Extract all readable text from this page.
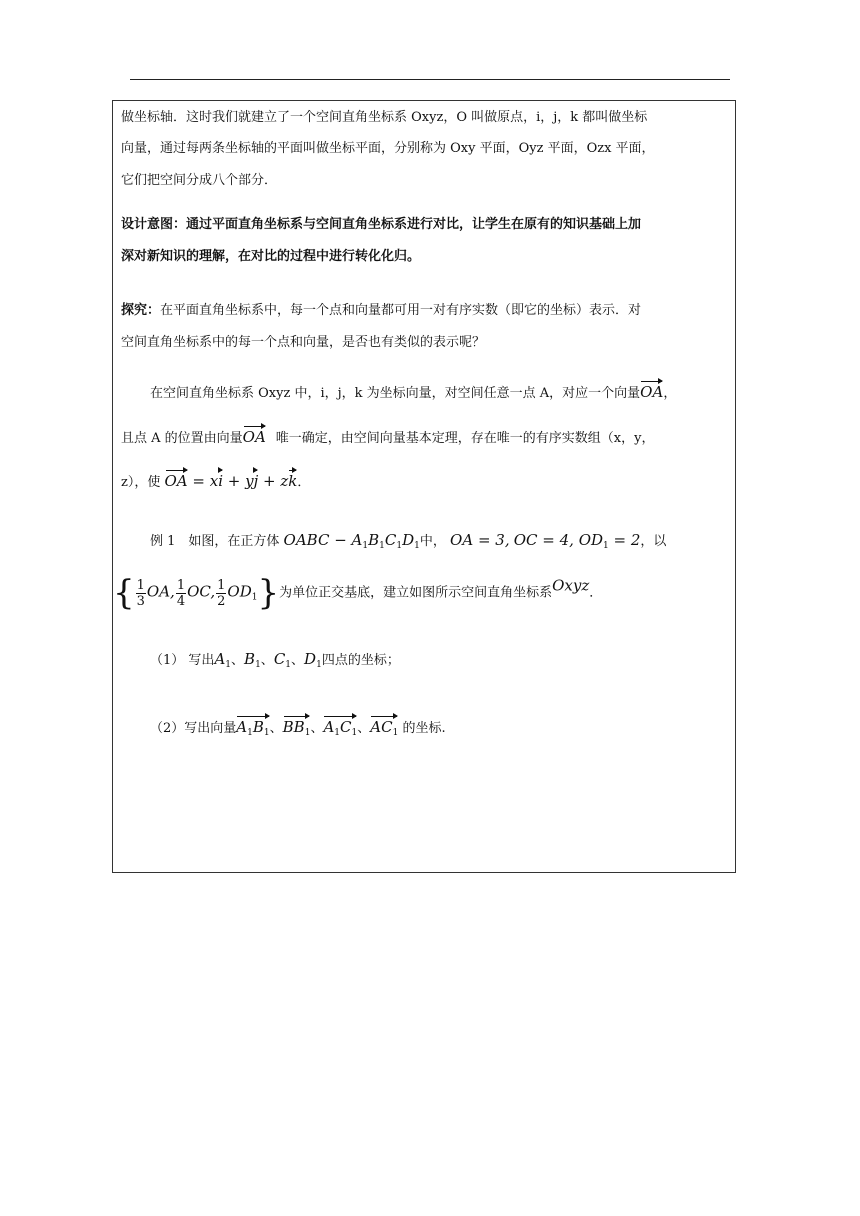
做坐标轴．这时我们就建立了一个空间直角坐标系 Oxyz，O 叫做原点，i，j，k 都叫做坐标
向量，通过每两条坐标轴的平面叫做坐标平面，分别称为 Oxy 平面，Oyz 平面，Ozx 平面，
它们把空间分成八个部分．
设计意图：通过平面直角坐标系与空间直角坐标系进行对比，让学生在原有的知识基础上加
深对新知识的理解，在对比的过程中进行转化化归。
探究：在平面直角坐标系中，每一个点和向量都可用一对有序实数（即它的坐标）表示．对
空间直角坐标系中的每一个点和向量，是否也有类似的表示呢？
在空间直角坐标系 Oxyz 中，i，j，k 为坐标向量，对空间任意一点 A，对应一个向量OA，
且点 A 的位置由向量OA 唯一确定，由空间向量基本定理，存在唯一的有序实数组（x，y，
z），使 OA = xi + yj + zk．
例 1　如图，在正方体 OABC − $A_1B_1C_1D_1$中， OA = 3, OC = 4, $OD_1 = 2$，以
{ $\frac{1}{3}$ OA, $\frac{1}{4}$ OC, $\frac{1}{2} OD_1$}为单位正交基底，建立如图所示空间直角坐标系Oxyz．
（1） 写出$A_1$、$B_1$、$C_1$、$D_1$四点的坐标；
（2）写出向量$A_1B_1$、$BB_1$、$A_1C_1$、$AC_1$ 的坐标.
